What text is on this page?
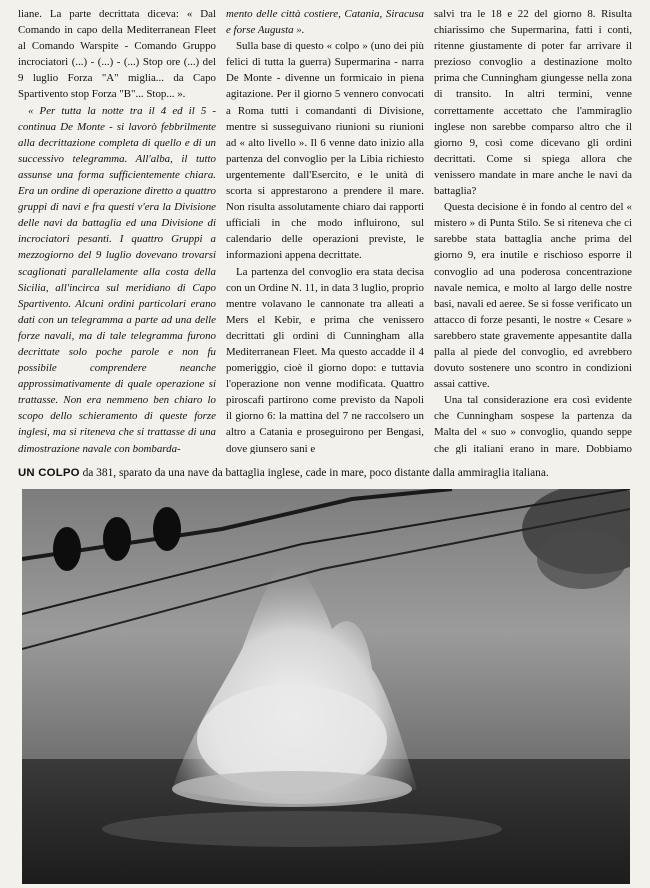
liane. La parte decrittata diceva: « Dal Comando in capo della Mediterranean Fleet al Comando Warspite - Comando Gruppo incrociatori (...) - (...) - (...) Stop ore (...) del 9 luglio Forza "A" miglia... da Capo Spartivento stop Forza "B"... Stop... ».

« Per tutta la notte tra il 4 ed il 5 - continua De Monte - si lavorò febbrilmente alla decrittazione completa di quello e di un successivo telegramma. All'alba, il tutto assunse una forma sufficientemente chiara. Era un ordine di operazione diretto a quattro gruppi di navi e fra questi v'era la Divisione delle navi da battaglia ed una Divisione di incrociatori pesanti. I quattro Gruppi a mezzogiorno del 9 luglio dovevano trovarsi scaglionati parallelamente alla costa della Sicilia, all'incirca sul meridiano di Capo Spartivento. Alcuni ordini particolari erano dati con un telegramma a parte ad una delle forze navali, ma di tale telegramma furono decrittate solo poche parole e non fu possibile comprendere neanche approssimativamente di quale operazione si trattasse. Non era nemmeno ben chiaro lo scopo dello schieramento di queste forze inglesi, ma si riteneva che si trattasse di una dimostrazione navale con bombarda-

mento delle città costiere, Catania, Siracusa e forse Augusta ».

Sulla base di questo « colpo » (uno dei più felici di tutta la guerra) Supermarina - narra De Monte - divenne un formicaio in piena agitazione. Per il giorno 5 vennero convocati a Roma tutti i comandanti di Divisione, mentre si susseguivano riunioni su riunioni ad « alto livello ». Il 6 venne dato inizio alla partenza del convoglio per la Libia richiesto urgentemente dall'Esercito, e le unità di scorta si apprestarono a prendere il mare. Non risulta assolutamente chiaro dai rapporti ufficiali in che modo influirono, sul calendario delle operazioni previste, le informazioni appena decrittate.

La partenza del convoglio era stata decisa con un Ordine N. 11, in data 3 luglio, proprio mentre volavano le cannonate tra alleati a Mers el Kebir, e prima che venissero decrittati gli ordini di Cunningham alla Mediterranean Fleet. Ma questo accadde il 4 pomeriggio, cioè il giorno dopo: e tuttavia l'operazione non venne modificata. Quattro piroscafi partirono come previsto da Napoli il giorno 6: la mattina del 7 ne raccolsero un altro a Catania e proseguirono per Bengasi, dove giunsero sani e

salvi tra le 18 e 22 del giorno 8. Risulta chiarissimo che Supermarina, fatti i conti, ritenne giustamente di poter far arrivare il prezioso convoglio a destinazione molto prima che Cunningham giungesse nella zona di transito. In altri termini, venne correttamente accettato che l'ammiraglio inglese non sarebbe comparso altro che il giorno 9, così come dicevano gli ordini decrittati. Come si spiega allora che venissero mandate in mare anche le navi da battaglia?

Questa decisione è in fondo al centro del « mistero » di Punta Stilo. Se si riteneva che ci sarebbe stata battaglia anche prima del giorno 9, era inutile e rischioso esporre il convoglio ad una poderosa concentrazione navale nemica, e molto al largo delle nostre basi, navali ed aeree. Se si fosse verificato un attacco di forze pesanti, le nostre « Cesare » sarebbero state gravemente appesantite dalla palla al piede del convoglio, ed avrebbero dovuto sostenere uno scontro in condizioni assai cattive.

Una tal considerazione era così evidente che Cunningham sospese la partenza da Malta del « suo » convoglio, quando seppe che gli italiani erano in mare. Dobbiamo

UN COLPO da 381, sparato da una nave da battaglia inglese, cade in mare, poco distante dalla ammiraglia italiana.
